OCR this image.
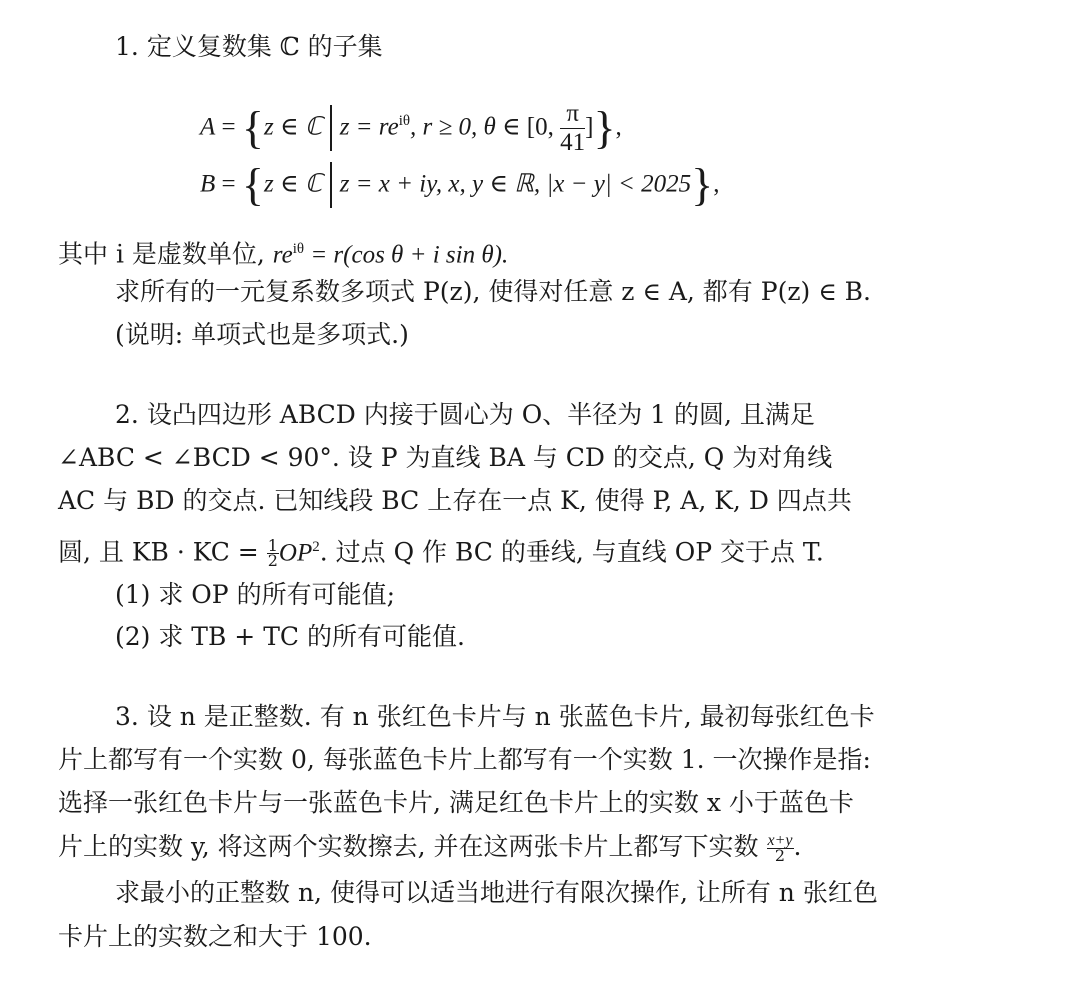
1. 定义复数集 ℂ 的子集
A = {z ∈ ℂ $z = re^{i\theta}$, r ≥ 0, θ ∈ [0, $\frac{\pi}{41}$ ]},
B = {z ∈ ℂ z = x + iy, x, y ∈ ℝ, |x − y| < 2025},
其中 i 是虚数单位, $re^{i\theta} = r(\cos$ θ + i sin θ).
求所有的一元复系数多项式 P(z), 使得对任意 z ∈ A, 都有 P(z) ∈ B.
(说明: 单项式也是多项式.)
2. 设凸四边形 ABCD 内接于圆心为 O、半径为 1 的圆, 且满足
∠ABC < ∠BCD < 90°. 设 P 为直线 BA 与 CD 的交点, Q 为对角线
AC 与 BD 的交点. 已知线段 BC 上存在一点 K, 使得 P, A, K, D 四点共
圆, 且 KB · KC = $\frac{1}{2} OP^2$. 过点 Q 作 BC 的垂线, 与直线 OP 交于点 T.
(1) 求 OP 的所有可能值;
(2) 求 TB + TC 的所有可能值.
3. 设 n 是正整数. 有 n 张红色卡片与 n 张蓝色卡片, 最初每张红色卡
片上都写有一个实数 0, 每张蓝色卡片上都写有一个实数 1. 一次操作是指:
选择一张红色卡片与一张蓝色卡片, 满足红色卡片上的实数 x 小于蓝色卡
片上的实数 y, 将这两个实数擦去, 并在这两张卡片上都写下实数 $\frac{x+y}{2}$ .
求最小的正整数 n, 使得可以适当地进行有限次操作, 让所有 n 张红色
卡片上的实数之和大于 100.
